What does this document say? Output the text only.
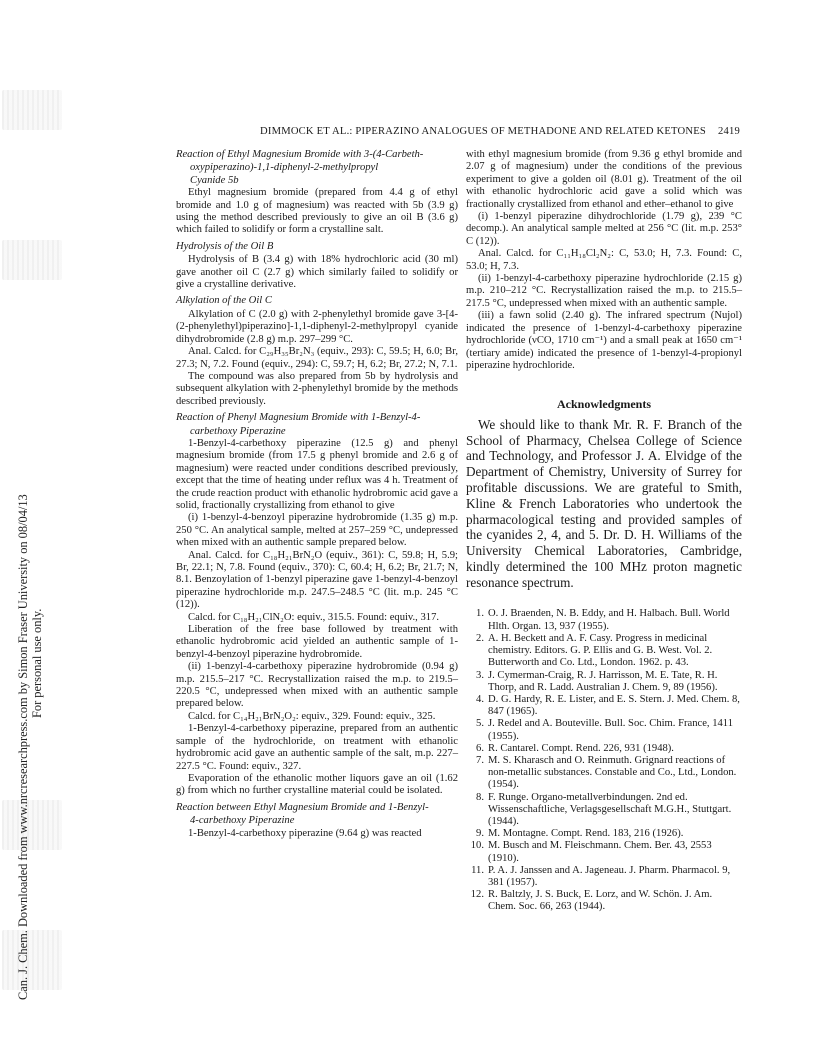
Can. J. Chem. Downloaded from www.nrcresearchpress.com by Simon Fraser University on 08/04/13 For personal use only.
DIMMOCK ET AL.: PIPERAZINO ANALOGUES OF METHADONE AND RELATED KETONES 2419
Reaction of Ethyl Magnesium Bromide with 3-(4-Carbeth-
oxypiperazino)-1,1-diphenyl-2-methylpropyl
Cyanide 5b

Ethyl magnesium bromide (prepared from 4.4 g of ethyl bromide and 1.0 g of magnesium) was reacted with 5b (3.9 g) using the method described previously to give an oil B (3.6 g) which failed to solidify or form a crystalline salt.

Hydrolysis of the Oil B

Hydrolysis of B (3.4 g) with 18% hydrochloric acid (30 ml) gave another oil C (2.7 g) which similarly failed to solidify or give a crystalline derivative.

Alkylation of the Oil C

Alkylation of C (2.0 g) with 2-phenylethyl bromide gave 3-[4-(2-phenylethyl)piperazino]-1,1-diphenyl-2-methylpropyl cyanide dihydrobromide (2.8 g) m.p. 297–299 °C.

Anal. Calcd. for C₂₉H₃₅Br₂N₃ (equiv., 293): C, 59.5; H, 6.0; Br, 27.3; N, 7.2. Found (equiv., 294): C, 59.7; H, 6.2; Br, 27.2; N, 7.1.

The compound was also prepared from 5b by hydrolysis and subsequent alkylation with 2-phenylethyl bromide by the methods described previously.

Reaction of Phenyl Magnesium Bromide with 1-Benzyl-4-
carbethoxy Piperazine

1-Benzyl-4-carbethoxy piperazine (12.5 g) and phenyl magnesium bromide (from 17.5 g phenyl bromide and 2.6 g of magnesium) were reacted under conditions described previously, except that the time of heating under reflux was 4 h. Treatment of the crude reaction product with ethanolic hydrobromic acid gave a solid, fractionally crystallizing from ethanol to give

(i) 1-benzyl-4-benzoyl piperazine hydrobromide (1.35 g) m.p. 250 °C. An analytical sample, melted at 257–259 °C, undepressed when mixed with an authentic sample prepared below.

Anal. Calcd. for C₁₈H₂₁BrN₂O (equiv., 361): C, 59.8; H, 5.9; Br, 22.1; N, 7.8. Found (equiv., 370): C, 60.4; H, 6.2; Br, 21.7; N, 8.1. Benzoylation of 1-benzyl piperazine gave 1-benzyl-4-benzoyl piperazine hydrochloride m.p. 247.5–248.5 °C (lit. m.p. 245 °C (12)).

Calcd. for C₁₈H₂₁ClN₂O: equiv., 315.5. Found: equiv., 317.

Liberation of the free base followed by treatment with ethanolic hydrobromic acid yielded an authentic sample of 1-benzyl-4-benzoyl piperazine hydrobromide.

(ii) 1-benzyl-4-carbethoxy piperazine hydrobromide (0.94 g) m.p. 215.5–217 °C. Recrystallization raised the m.p. to 219.5–220.5 °C, undepressed when mixed with an authentic sample prepared below.

Calcd. for C₁₄H₂₁BrN₂O₂: equiv., 329. Found: equiv., 325.

1-Benzyl-4-carbethoxy piperazine, prepared from an authentic sample of the hydrochloride, on treatment with ethanolic hydrobromic acid gave an authentic sample of the salt, m.p. 227–227.5 °C. Found: equiv., 327.

Evaporation of the ethanolic mother liquors gave an oil (1.62 g) from which no further crystalline material could be isolated.

Reaction between Ethyl Magnesium Bromide and 1-Benzyl-
4-carbethoxy Piperazine

1-Benzyl-4-carbethoxy piperazine (9.64 g) was reacted

with ethyl magnesium bromide (from 9.36 g ethyl bromide and 2.07 g of magnesium) under the conditions of the previous experiment to give a golden oil (8.01 g). Treatment of the oil with ethanolic hydrochloric acid gave a solid which was fractionally crystallized from ethanol and ether–ethanol to give

(i) 1-benzyl piperazine dihydrochloride (1.79 g), 239 °C decomp.). An analytical sample melted at 256 °C (lit. m.p. 253° C (12)).

Anal. Calcd. for C₁₁H₁₈Cl₂N₂: C, 53.0; H, 7.3. Found: C, 53.0; H, 7.3.

(ii) 1-benzyl-4-carbethoxy piperazine hydrochloride (2.15 g) m.p. 210–212 °C. Recrystallization raised the m.p. to 215.5–217.5 °C, undepressed when mixed with an authentic sample.

(iii) a fawn solid (2.40 g). The infrared spectrum (Nujol) indicated the presence of 1-benzyl-4-carbethoxy piperazine hydrochloride (νCO, 1710 cm⁻¹) and a small peak at 1650 cm⁻¹ (tertiary amide) indicated the presence of 1-benzyl-4-propionyl piperazine hydrochloride.

Acknowledgments

We should like to thank Mr. R. F. Branch of the School of Pharmacy, Chelsea College of Science and Technology, and Professor J. A. Elvidge of the Department of Chemistry, University of Surrey for profitable discussions. We are grateful to Smith, Kline & French Laboratories who undertook the pharmacological testing and provided samples of the cyanides 2, 4, and 5. Dr. D. H. Williams of the University Chemical Laboratories, Cambridge, kindly determined the 100 MHz proton magnetic resonance spectrum.

1. O. J. Braenden, N. B. Eddy, and H. Halbach. Bull. World Hlth. Organ. 13, 937 (1955).
2. A. H. Beckett and A. F. Casy. Progress in medicinal chemistry. Editors. G. P. Ellis and G. B. West. Vol. 2. Butterworth and Co. Ltd., London. 1962. p. 43.
3. J. Cymerman-Craig, R. J. Harrisson, M. E. Tate, R. H. Thorp, and R. Ladd. Australian J. Chem. 9, 89 (1956).
4. D. G. Hardy, R. E. Lister, and E. S. Stern. J. Med. Chem. 8, 847 (1965).
5. J. Redel and A. Bouteville. Bull. Soc. Chim. France, 1411 (1955).
6. R. Cantarel. Compt. Rend. 226, 931 (1948).
7. M. S. Kharasch and O. Reinmuth. Grignard reactions of non-metallic substances. Constable and Co., Ltd., London. (1954).
8. F. Runge. Organo-metallverbindungen. 2nd ed. Wissenschaftliche, Verlagsgesellschaft M.G.H., Stuttgart. (1944).
9. M. Montagne. Compt. Rend. 183, 216 (1926).
10. M. Busch and M. Fleischmann. Chem. Ber. 43, 2553 (1910).
11. P. A. J. Janssen and A. Jageneau. J. Pharm. Pharmacol. 9, 381 (1957).
12. R. Baltzly, J. S. Buck, E. Lorz, and W. Schön. J. Am. Chem. Soc. 66, 263 (1944).
